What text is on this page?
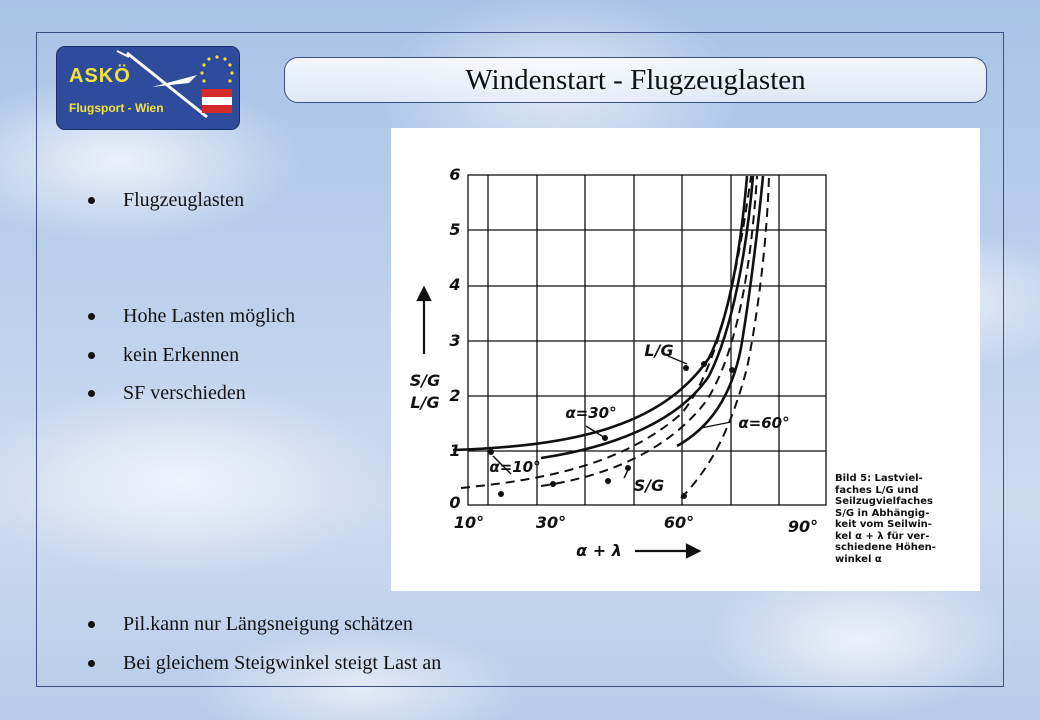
ASKÖ
Flugsport - Wien
Windenstart - Flugzeuglasten
Flugzeuglasten
Hohe Lasten möglich
kein Erkennen
SF verschieden
Pil.kann nur Längsneigung schätzen
Bei gleichem Steigwinkel steigt Last an
6
5
4
3
2
1
0
10°	30°	60°	90°
S/G
L/G
α + λ
L/G
S/G
α=10°
α=30°
α=60°
Bild 5: Lastviel-
faches L/G und
Seilzugvielfaches
S/G in Abhängig-
keit vom Seilwin-
kel α + λ für ver-
schiedene Höhen-
winkel α
